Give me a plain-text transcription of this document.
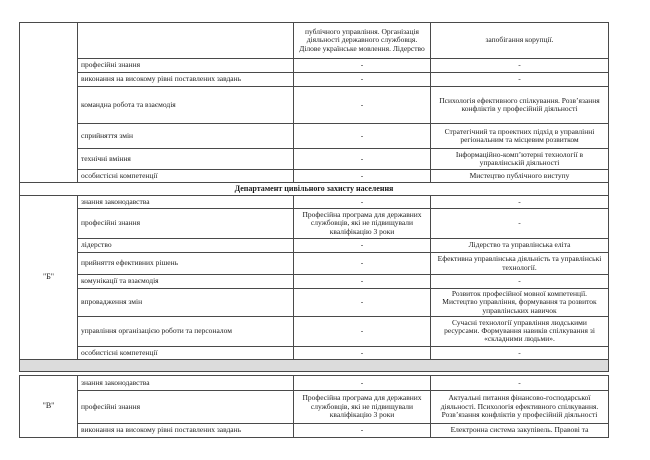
		публічного управління. Організація діяльності державного службовця. Ділове українське мовлення. Лідерство	запобігання корупції.
	професійні знання	-	-
	виконання на високому рівні поставлених завдань	-	-
	командна робота та взаємодія	-	Психологія ефективного спілкування. Розв’язання конфліктів у професійній діяльності
	сприйняття змін	-	Стратегічний та проектних підхід в управлінні регіональним та місцевим розвитком
	технічні вміння	-	Інформаційно-комп’ютерні технології в управлінській діяльності
	особистісні компетенції	-	Мистецтво публічного виступу
Департамент цивільного захисту населення			
"Б"	знання законодавства	-	-
	професійні знання	Професійна програма для державних службовців, які не підвищували кваліфікацію 3 роки	-
	лідерство	-	Лідерство та управлінська еліта
	прийняття ефективних рішень	-	Ефективна управлінська діяльність та управлінські технології.
	комунікації та взаємодія	-	-
	впровадження змін	-	Розвиток професійної мовної компетенції. Мистецтво управління, формування та розвиток управлінських навичок
	управління організацією роботи та персоналом	-	Сучасні технології управління людськими ресурсами. Формування навиків спілкування зі «складними людьми».
	особистісні компетенції	-	-

"В"	знання законодавства	-	-
	професійні знання	Професійна програма для державних службовців, які не підвищували кваліфікацію 3 роки	Актуальні питання фінансово-господарської діяльності. Психологія ефективного спілкування. Розв’язання конфліктів у професійній діяльності
	виконання на високому рівні поставлених завдань	-	Електронна система закупівель. Правові та
